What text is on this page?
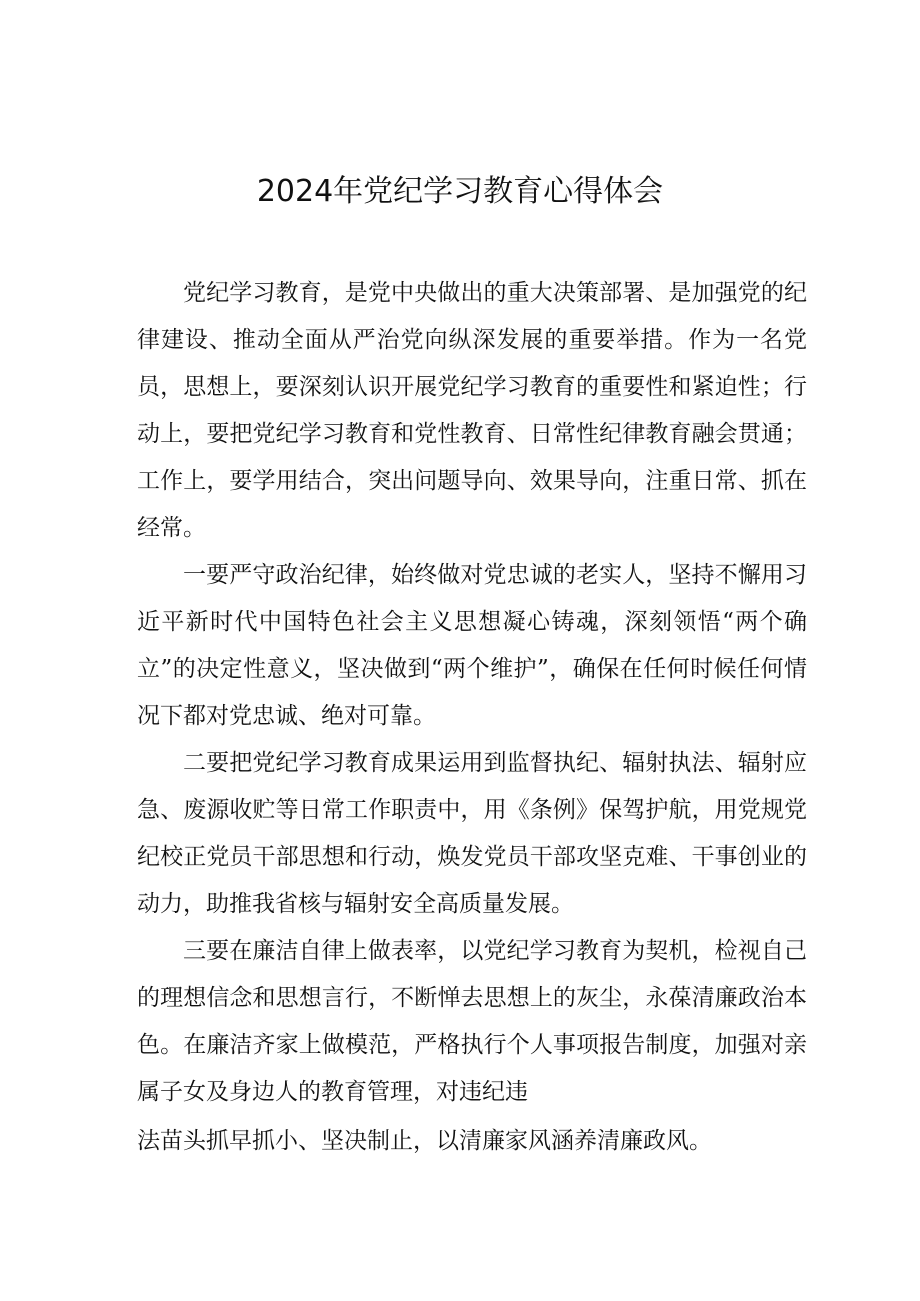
2024年党纪学习教育心得体会

党纪学习教育，是党中央做出的重大决策部署、是加强党的纪律建设、推动全面从严治党向纵深发展的重要举措。作为一名党员，思想上，要深刻认识开展党纪学习教育的重要性和紧迫性；行动上，要把党纪学习教育和党性教育、日常性纪律教育融会贯通；工作上，要学用结合，突出问题导向、效果导向，注重日常、抓在经常。

一要严守政治纪律，始终做对党忠诚的老实人，坚持不懈用习近平新时代中国特色社会主义思想凝心铸魂，深刻领悟“两个确立”的决定性意义，坚决做到“两个维护”，确保在任何时候任何情况下都对党忠诚、绝对可靠。

二要把党纪学习教育成果运用到监督执纪、辐射执法、辐射应急、废源收贮等日常工作职责中，用《条例》保驾护航，用党规党纪校正党员干部思想和行动，焕发党员干部攻坚克难、干事创业的动力，助推我省核与辐射安全高质量发展。

三要在廉洁自律上做表率，以党纪学习教育为契机，检视自己的理想信念和思想言行，不断惮去思想上的灰尘，永葆清廉政治本色。在廉洁齐家上做模范，严格执行个人事项报告制度，加强对亲属子女及身边人的教育管理，对违纪违

法苗头抓早抓小、坚决制止，以清廉家风涵养清廉政风。
